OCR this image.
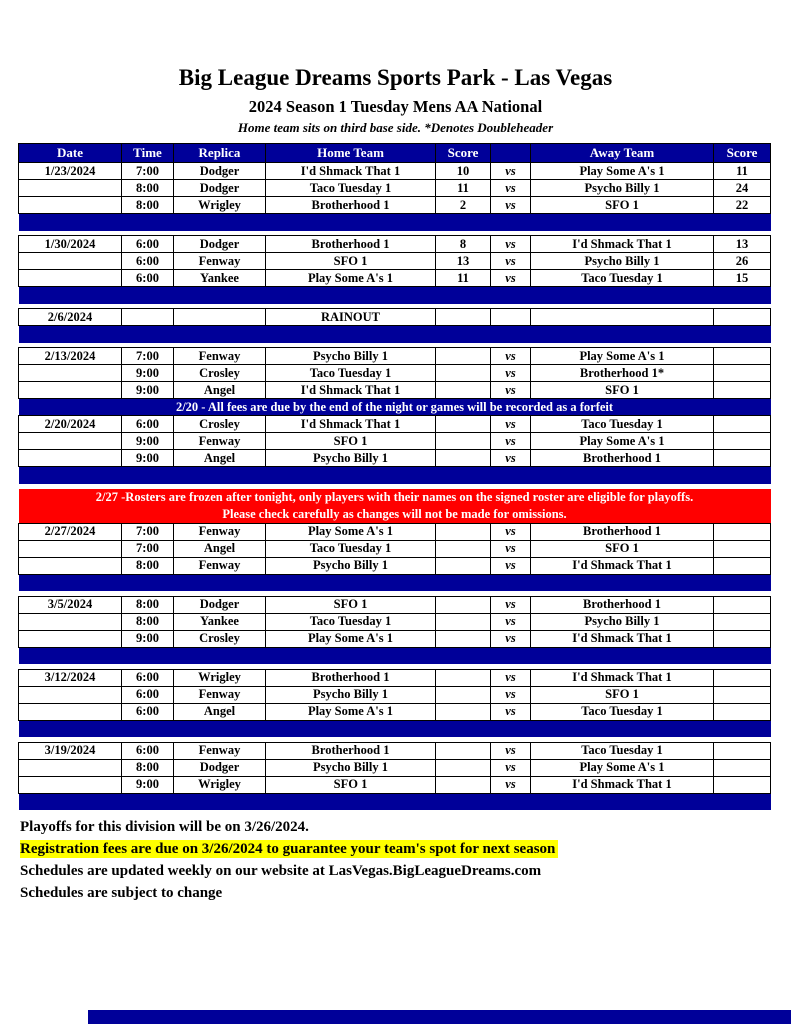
Big League Dreams Sports Park - Las Vegas
2024 Season 1 Tuesday Mens AA National
Home team sits on third base side. *Denotes Doubleheader
Date	Time	Replica	Home Team	Score		Away Team	Score
1/23/2024	7:00	Dodger	I'd Shmack That 1	10	vs	Play Some A's 1	11
	8:00	Dodger	Taco Tuesday 1	11	vs	Psycho Billy 1	24
	8:00	Wrigley	Brotherhood 1	2	vs	SFO 1	22

1/30/2024	6:00	Dodger	Brotherhood 1	8	vs	I'd Shmack That 1	13
	6:00	Fenway	SFO 1	13	vs	Psycho Billy 1	26
	6:00	Yankee	Play Some A's 1	11	vs	Taco Tuesday 1	15

2/6/2024			RAINOUT				

2/13/2024	7:00	Fenway	Psycho Billy 1		vs	Play Some A's 1	
	9:00	Crosley	Taco Tuesday 1		vs	Brotherhood 1*	
	9:00	Angel	I'd Shmack That 1		vs	SFO 1	
2/20 - All fees are due by the end of the night or games will be recorded as a forfeit							
2/20/2024	6:00	Crosley	I'd Shmack That 1		vs	Taco Tuesday 1	
	9:00	Fenway	SFO 1		vs	Play Some A's 1	
	9:00	Angel	Psycho Billy 1		vs	Brotherhood 1	

2/27 -Rosters are frozen after tonight, only players with their names on the signed roster are eligible for playoffs.
Please check carefully as changes will not be made for omissions.							

2/27/2024	7:00	Fenway	Play Some A's 1		vs	Brotherhood 1	
	7:00	Angel	Taco Tuesday 1		vs	SFO 1	
	8:00	Fenway	Psycho Billy 1		vs	I'd Shmack That 1	

3/5/2024	8:00	Dodger	SFO 1		vs	Brotherhood 1	
	8:00	Yankee	Taco Tuesday 1		vs	Psycho Billy 1	
	9:00	Crosley	Play Some A's 1		vs	I'd Shmack That 1	

3/12/2024	6:00	Wrigley	Brotherhood 1		vs	I'd Shmack That 1	
	6:00	Fenway	Psycho Billy 1		vs	SFO 1	
	6:00	Angel	Play Some A's 1		vs	Taco Tuesday 1	

3/19/2024	6:00	Fenway	Brotherhood 1		vs	Taco Tuesday 1	
	8:00	Dodger	Psycho Billy 1		vs	Play Some A's 1	
	9:00	Wrigley	SFO 1		vs	I'd Shmack That 1	

Playoffs for this division will be on 3/26/2024.
Registration fees are due on 3/26/2024 to guarantee your team's spot for next season
Schedules are updated weekly on our website at LasVegas.BigLeagueDreams.com
Schedules are subject to change
